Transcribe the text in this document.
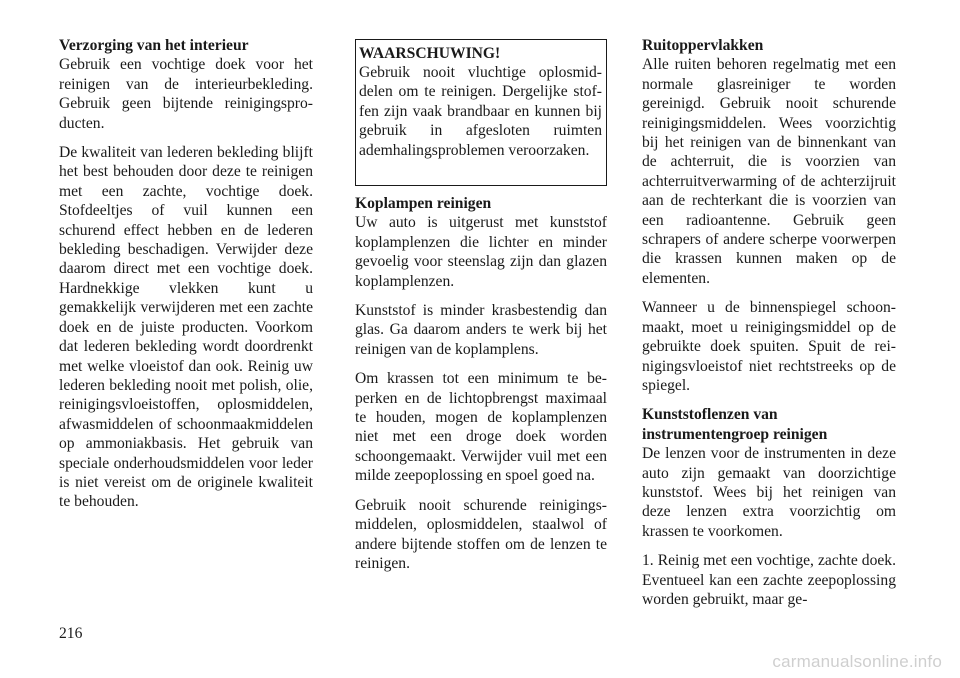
Verzorging van het interieur

Gebruik een vochtige doek voor het reinigen van de interieurbekleding. Gebruik geen bijtende reinigingsproducten.

De kwaliteit van lederen bekleding blijft het best behouden door deze te reinigen met een zachte, vochtige doek. Stofdeeltjes of vuil kunnen een schurend effect hebben en de lederen bekleding beschadigen. Verwijder deze daarom direct met een vochtige doek. Hardnekkige vlekken kunt u gemakkelijk verwijderen met een zachte doek en de juiste producten. Voorkom dat lederen bekleding wordt doordrenkt met welke vloeistof dan ook. Reinig uw lederen bekleding nooit met polish, olie, reinigingsvloeistoffen, oplosmiddelen, afwasmiddelen of schoonmaakmiddelen op ammoniakbasis. Het gebruik van speciale onderhoudsmiddelen voor leder is niet vereist om de originele kwaliteit te behouden.

WAARSCHUWING!

Gebruik nooit vluchtige oplosmiddelen om te reinigen. Dergelijke stoffen zijn vaak brandbaar en kunnen bij gebruik in afgesloten ruimten ademhalingsproblemen veroorzaken.

Koplampen reinigen

Uw auto is uitgerust met kunststof koplamplenzen die lichter en minder gevoelig voor steenslag zijn dan glazen koplamplenzen.

Kunststof is minder krasbestendig dan glas. Ga daarom anders te werk bij het reinigen van de koplamplens.

Om krassen tot een minimum te beperken en de lichtopbrengst maximaal te houden, mogen de koplamplenzen niet met een droge doek worden schoongemaakt. Verwijder vuil met een milde zeepoplossing en spoel goed na.

Gebruik nooit schurende reinigingsmiddelen, oplosmiddelen, staalwol of andere bijtende stoffen om de lenzen te reinigen.

Ruitoppervlakken

Alle ruiten behoren regelmatig met een normale glasreiniger te worden gereinigd. Gebruik nooit schurende reinigingsmiddelen. Wees voorzichtig bij het reinigen van de binnenkant van de achterruit, die is voorzien van achterruitverwarming of de achterzijruit aan de rechterkant die is voorzien van een radioantenne. Gebruik geen schrapers of andere scherpe voorwerpen die krassen kunnen maken op de elementen.

Wanneer u de binnenspiegel schoonmaakt, moet u reinigingsmiddel op de gebruikte doek spuiten. Spuit de reinigingsvloeistof niet rechtstreeks op de spiegel.

Kunststoflenzen van
instrumentengroep reinigen

De lenzen voor de instrumenten in deze auto zijn gemaakt van doorzichtige kunststof. Wees bij het reinigen van deze lenzen extra voorzichtig om krassen te voorkomen.

1. Reinig met een vochtige, zachte doek. Eventueel kan een zachte zeepoplossing worden gebruikt, maar ge-

216
carmanualsonline.info
